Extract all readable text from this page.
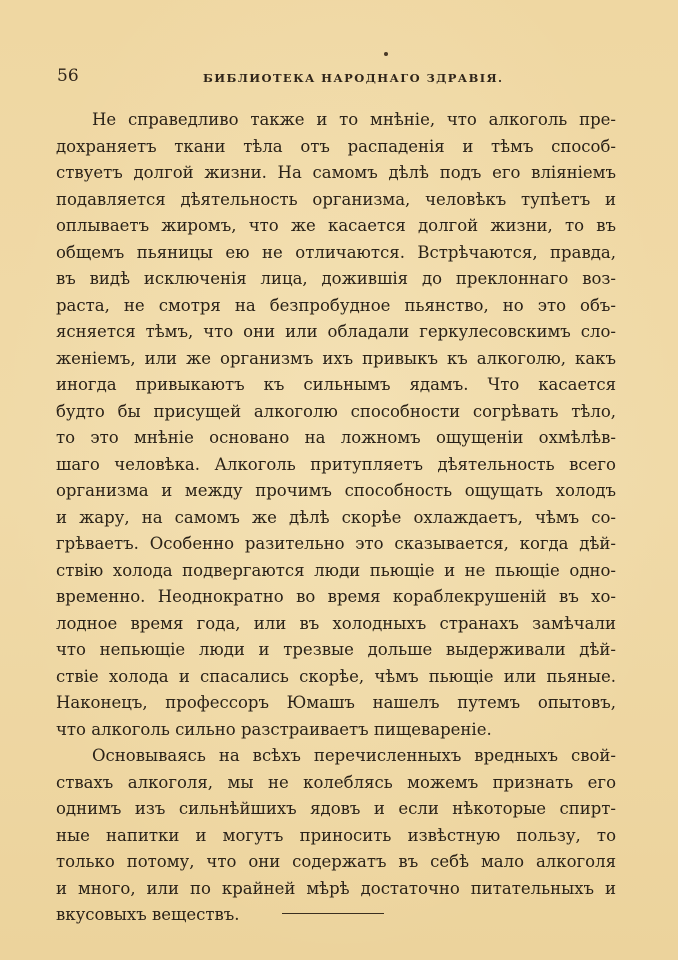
56	БИБЛИОТЕКА НАРОДНАГО ЗДРАВІЯ.
Не справедливо также и то мнѣніе, что алкоголь пре-
дохраняетъ ткани тѣла отъ распаденія и тѣмъ способ-
ствуетъ долгой жизни. На самомъ дѣлѣ подъ его вліяніемъ
подавляется дѣятельность организма, человѣкъ тупѣетъ и
оплываетъ жиромъ, что же касается долгой жизни, то въ
общемъ пьяницы ею не отличаются. Встрѣчаются, правда,
въ видѣ исключенія лица, дожившія до преклоннаго воз-
раста, не смотря на безпробудное пьянство, но это объ-
ясняется тѣмъ, что они или обладали геркулесовскимъ сло-
женіемъ, или же организмъ ихъ привыкъ къ алкоголю, какъ
иногда привыкаютъ къ сильнымъ ядамъ. Что касается
будто бы присущей алкоголю способности согрѣвать тѣло,
то это мнѣніе основано на ложномъ ощущеніи охмѣлѣв-
шаго человѣка. Алкоголь притупляетъ дѣятельность всего
организма и между прочимъ способность ощущать холодъ
и жару, на самомъ же дѣлѣ скорѣе охлаждаетъ, чѣмъ со-
грѣваетъ. Особенно разительно это сказывается, когда дѣй-
ствію холода подвергаются люди пьющіе и не пьющіе одно-
временно. Неоднократно во время кораблекрушеній въ хо-
лодное время года, или въ холодныхъ странахъ замѣчали
что непьющіе люди и трезвые дольше выдерживали дѣй-
ствіе холода и спасались скорѣе, чѣмъ пьющіе или пьяные.
Наконецъ, профессоръ Юмашъ нашелъ путемъ опытовъ,
что алкоголь сильно разстраиваетъ пищевареніе.
Основываясь на всѣхъ перечисленныхъ вредныхъ свой-
ствахъ алкоголя, мы не колеблясь можемъ признать его
однимъ изъ сильнѣйшихъ ядовъ и если нѣкоторые спирт-
ные напитки и могутъ приносить извѣстную пользу, то
только потому, что они содержатъ въ себѣ мало алкоголя
и много, или по крайней мѣрѣ достаточно питательныхъ и
вкусовыхъ веществъ.
